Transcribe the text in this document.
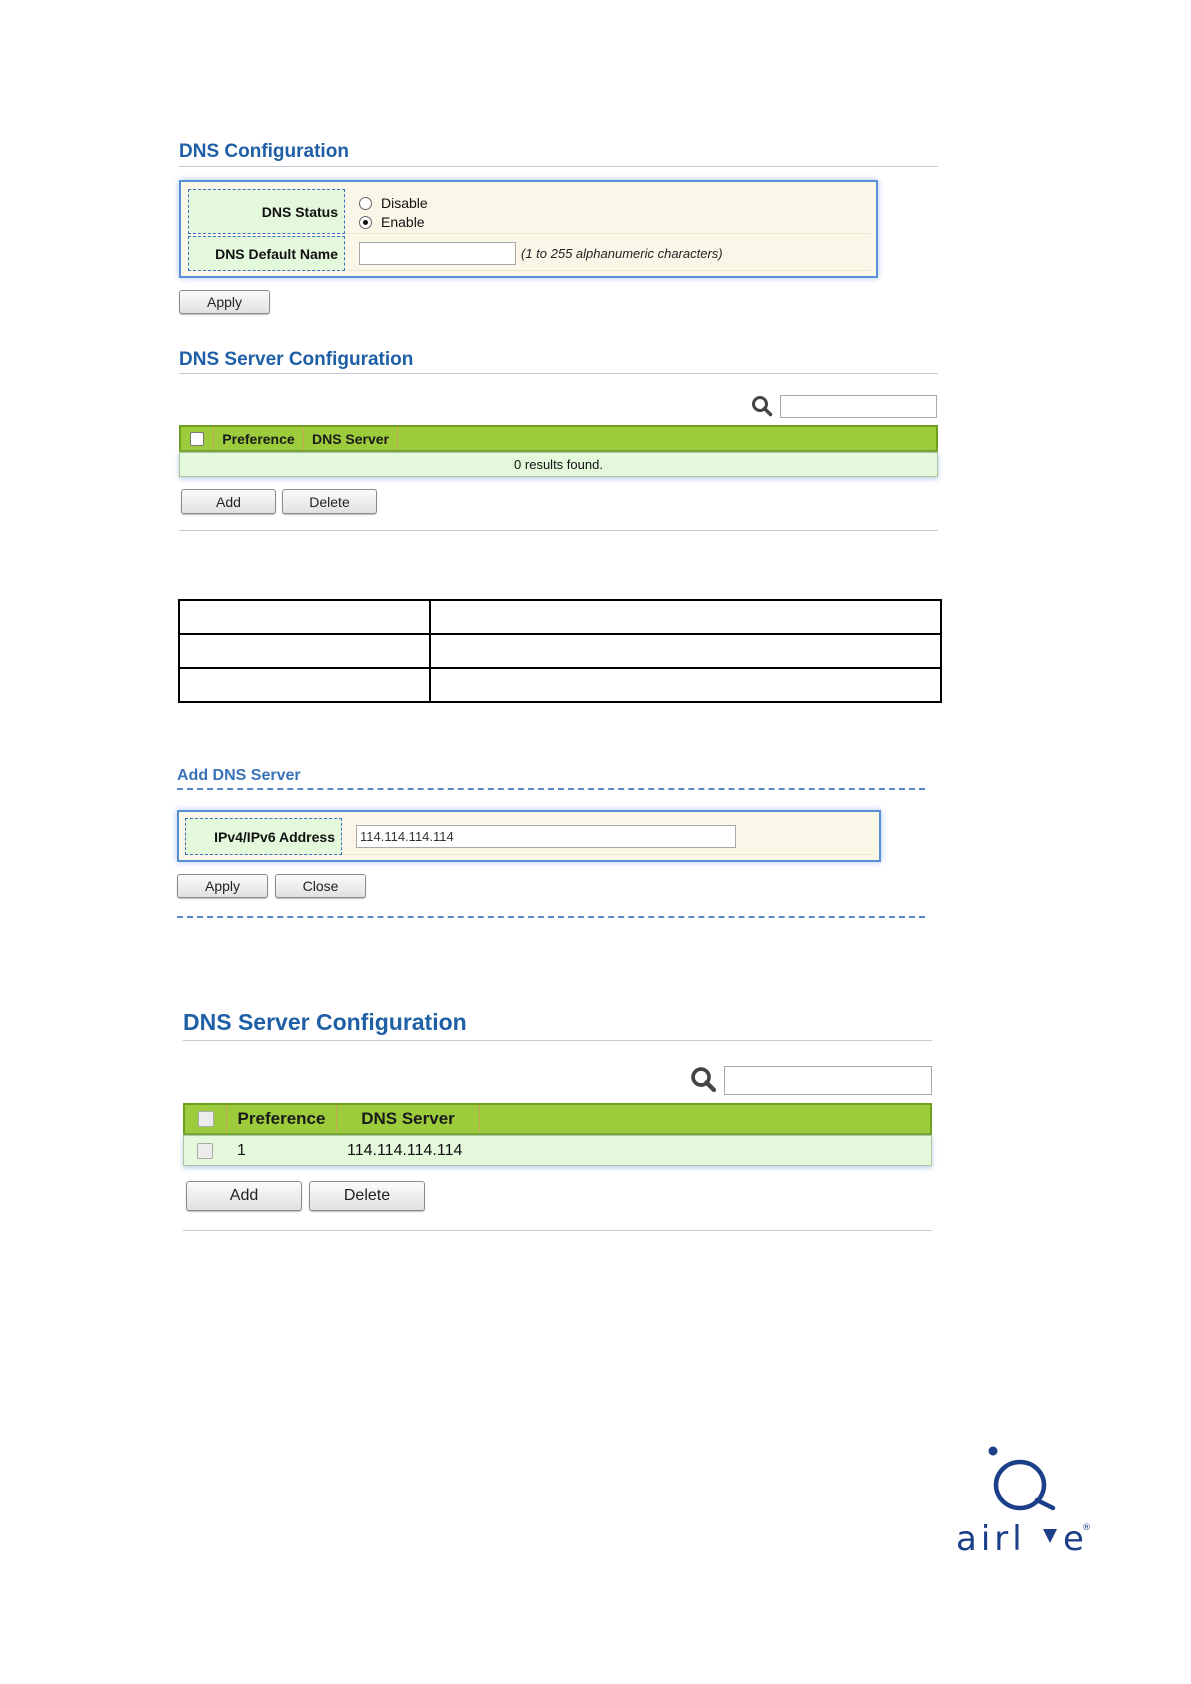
DNS Configuration
DNS Status
Disable
Enable
DNS Default Name	(1 to 255 alphanumeric characters)
Apply
DNS Server Configuration
Preference	DNS Server
0 results found.
Add	Delete

Add DNS Server
IPv4/IPv6 Address	114.114.114.114
Apply	Close
DNS Server Configuration
Preference	DNS Server
1	114.114.114.114
Add	Delete
airl e
®
